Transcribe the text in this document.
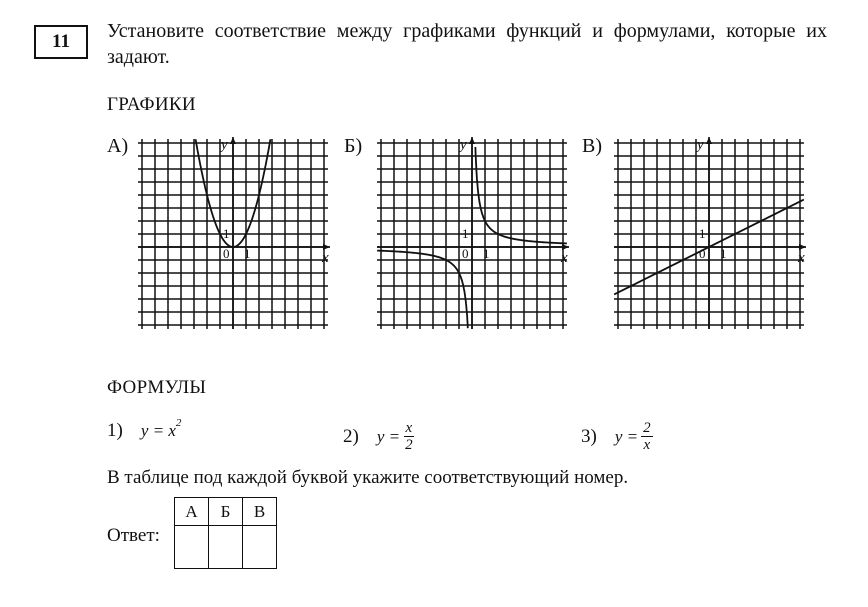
11 Установите соответствие между графиками функций и формулами, которые их задают.
ГРАФИКИ
А)	y
x
0 1
1
Б)	y
x
0 1
1
В)	y
x
0 1
1
ФОРМУЛЫ
1) $y = x^2$
2) $y = \frac{x}{2}$	3) $y = \frac{2}{x}$
В таблице под каждой буквой укажите соответствующий номер.
Ответ:
А	Б	В
